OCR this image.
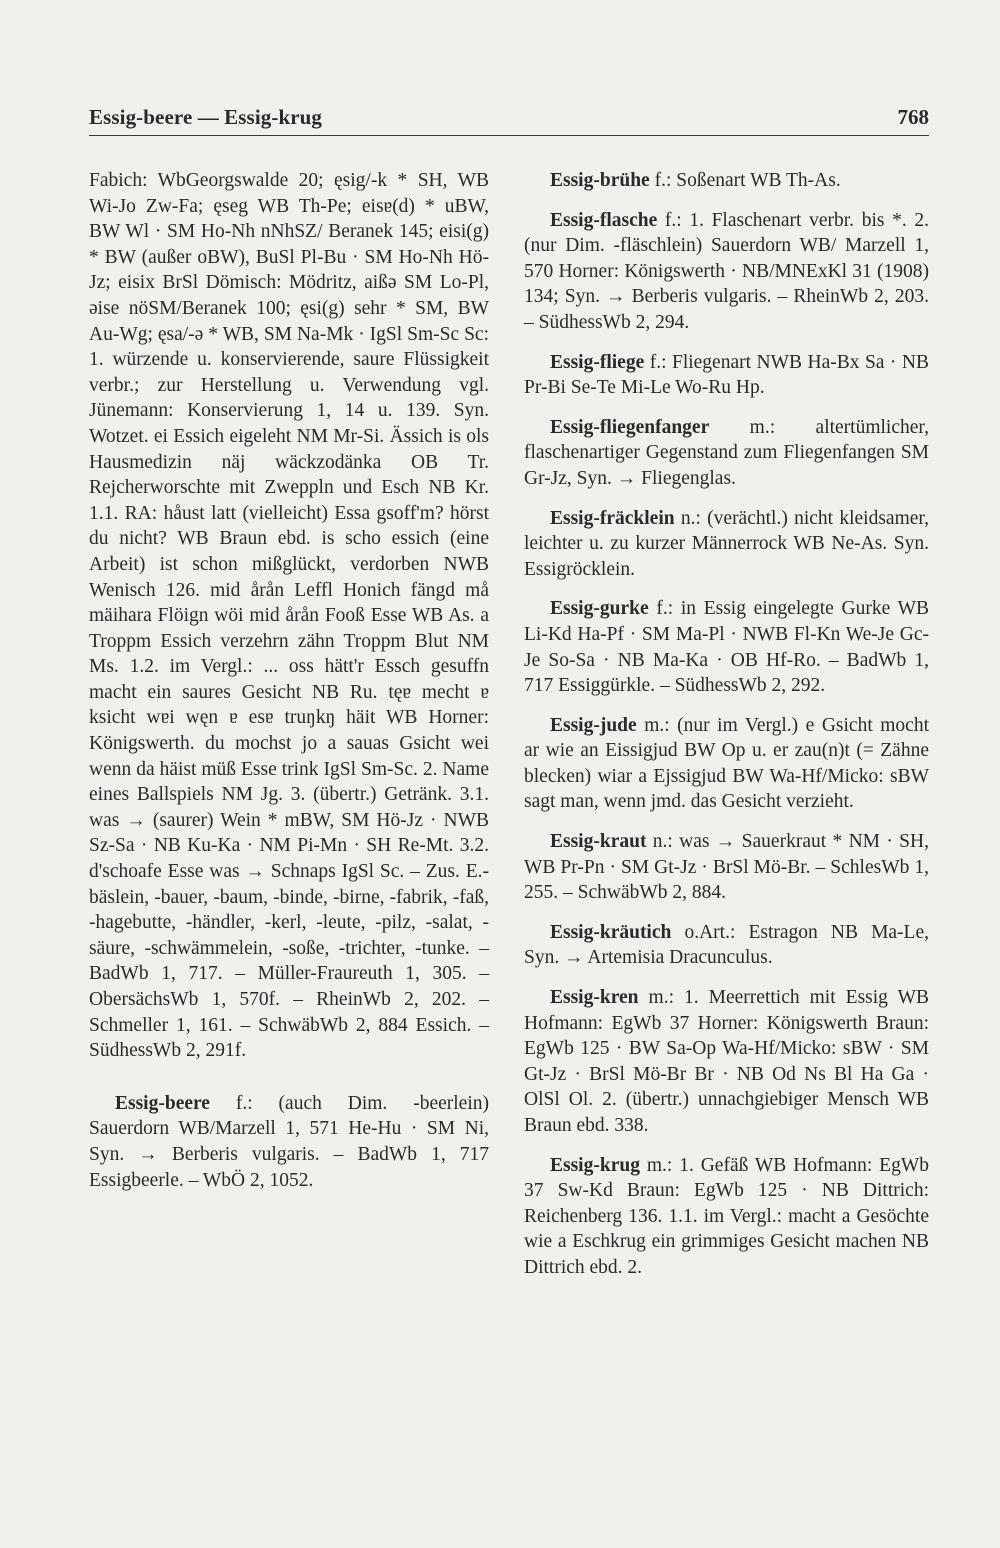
Essig-beere — Essig-krug	768

Fabich: WbGeorgswalde 20; ęsig/-k * SH, WB Wi-Jo Zw-Fa; ęseg WB Th-Pe; eisɐ(d) * uBW, BW Wl · SM Ho-Nh nNhSZ/ Beranek 145; eisi(g) * BW (außer oBW), BuSl Pl-Bu · SM Ho-Nh Hö-Jz; eisix BrSl Dömisch: Mödritz, aißə SM Lo-Pl, əise nöSM/Beranek 100; ęsi(g) sehr * SM, BW Au-Wg; ęsa/-ə * WB, SM Na-Mk · IgSl Sm-Sc Sc: 1. würzende u. konservierende, saure Flüssigkeit verbr.; zur Herstellung u. Verwendung vgl. Jünemann: Konservierung 1, 14 u. 139. Syn. Wotzet. ei Essich eigeleht NM Mr-Si. Ässich is ols Hausmedizin näj wäckzodänka OB Tr. Rejcherworschte mit Zweppln und Esch NB Kr. 1.1. RA: håust latt (vielleicht) Essa gsoff'm? hörst du nicht? WB Braun ebd. is scho essich (eine Arbeit) ist schon mißglückt, verdorben NWB Wenisch 126. mid årån Leffl Honich fängd må mäihara Flöign wöi mid årån Fooß Esse WB As. a Troppm Essich verzehrn zähn Troppm Blut NM Ms. 1.2. im Vergl.: ... oss hätt'r Essch gesuffn macht ein saures Gesicht NB Ru. tęɐ mecht ɐ ksicht wɐi węn ɐ esɐ truŋkŋ häit WB Horner: Königswerth. du mochst jo a sauas Gsicht wei wenn da häist müß Esse trink IgSl Sm-Sc. 2. Name eines Ballspiels NM Jg. 3. (übertr.) Getränk. 3.1. was → (saurer) Wein * mBW, SM Hö-Jz · NWB Sz-Sa · NB Ku-Ka · NM Pi-Mn · SH Re-Mt. 3.2. d'schoafe Esse was → Schnaps IgSl Sc. – Zus. E.-bäslein, -bauer, -baum, -binde, -birne, -fabrik, -faß, -hagebutte, -händler, -kerl, -leute, -pilz, -salat, -säure, -schwämmelein, -soße, -trichter, -tunke. – BadWb 1, 717. – Müller-Fraureuth 1, 305. – ObersächsWb 1, 570f. – RheinWb 2, 202. – Schmeller 1, 161. – SchwäbWb 2, 884 Essich. – SüdhessWb 2, 291f.

Essig-beere f.: (auch Dim. -beerlein) Sauerdorn WB/Marzell 1, 571 He-Hu · SM Ni, Syn. → Berberis vulgaris. – BadWb 1, 717 Essigbeerle. – WbÖ 2, 1052.

Essig-brühe f.: Soßenart WB Th-As.

Essig-flasche f.: 1. Flaschenart verbr. bis *. 2. (nur Dim. -fläschlein) Sauerdorn WB/ Marzell 1, 570 Horner: Königswerth · NB/MNExKl 31 (1908) 134; Syn. → Berberis vulgaris. – RheinWb 2, 203. – SüdhessWb 2, 294.

Essig-fliege f.: Fliegenart NWB Ha-Bx Sa · NB Pr-Bi Se-Te Mi-Le Wo-Ru Hp.

Essig-fliegenfanger m.: altertümlicher, flaschenartiger Gegenstand zum Fliegenfangen SM Gr-Jz, Syn. → Fliegenglas.

Essig-fräcklein n.: (verächtl.) nicht kleidsamer, leichter u. zu kurzer Männerrock WB Ne-As. Syn. Essigröcklein.

Essig-gurke f.: in Essig eingelegte Gurke WB Li-Kd Ha-Pf · SM Ma-Pl · NWB Fl-Kn We-Je Gc-Je So-Sa · NB Ma-Ka · OB Hf-Ro. – BadWb 1, 717 Essiggürkle. – SüdhessWb 2, 292.

Essig-jude m.: (nur im Vergl.) e Gsicht mocht ar wie an Eissigjud BW Op u. er zau(n)t (= Zähne blecken) wiar a Ejssigjud BW Wa-Hf/Micko: sBW sagt man, wenn jmd. das Gesicht verzieht.

Essig-kraut n.: was → Sauerkraut * NM · SH, WB Pr-Pn · SM Gt-Jz · BrSl Mö-Br. – SchlesWb 1, 255. – SchwäbWb 2, 884.

Essig-kräutich o.Art.: Estragon NB Ma-Le, Syn. → Artemisia Dracunculus.

Essig-kren m.: 1. Meerrettich mit Essig WB Hofmann: EgWb 37 Horner: Königswerth Braun: EgWb 125 · BW Sa-Op Wa-Hf/Micko: sBW · SM Gt-Jz · BrSl Mö-Br Br · NB Od Ns Bl Ha Ga · OlSl Ol. 2. (übertr.) unnachgiebiger Mensch WB Braun ebd. 338.

Essig-krug m.: 1. Gefäß WB Hofmann: EgWb 37 Sw-Kd Braun: EgWb 125 · NB Dittrich: Reichenberg 136. 1.1. im Vergl.: macht a Gesöchte wie a Eschkrug ein grimmiges Gesicht machen NB Dittrich ebd. 2.
